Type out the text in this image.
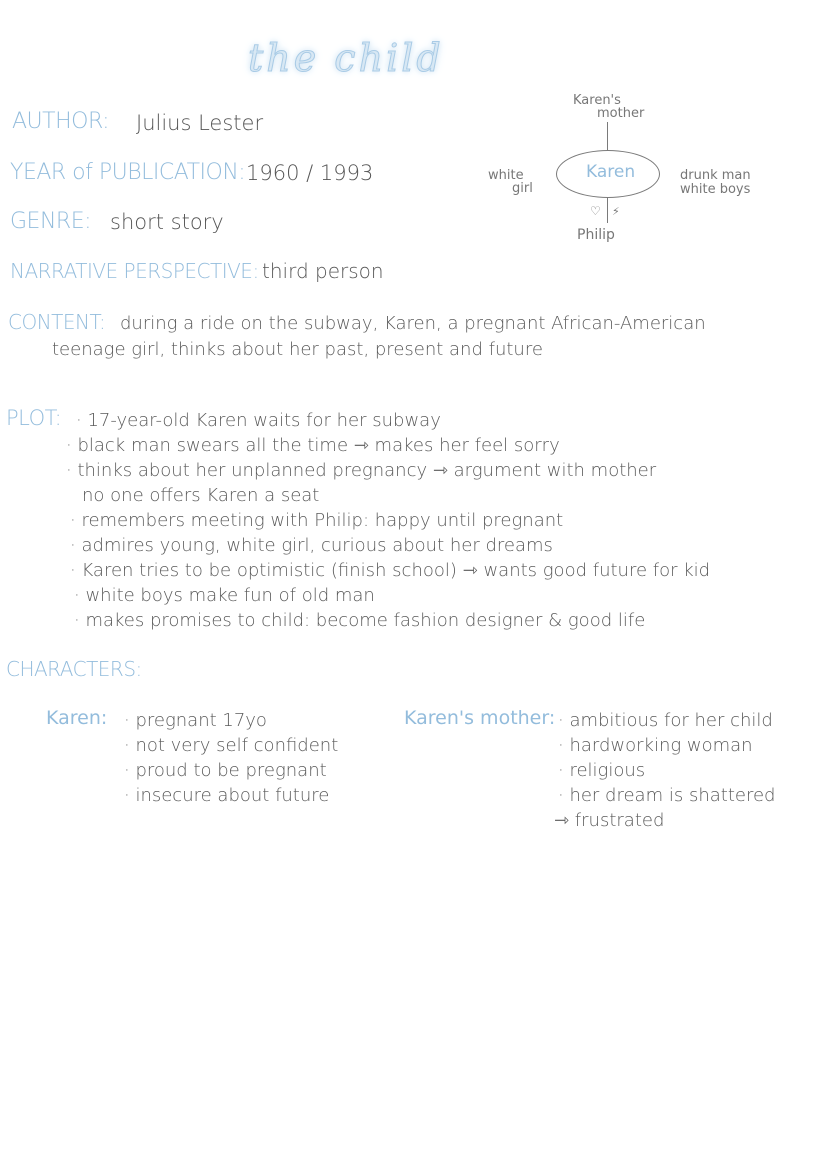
the child
AUTHOR: Julius Lester
YEAR of PUBLICATION: 1960 / 1993
GENRE: short story
NARRATIVE PERSPECTIVE: third person
Karen's
mother
white
girl
Karen	drunk man
white boys
♡ ⚡
Philip
CONTENT: during a ride on the subway, Karen, a pregnant African-American
teenage girl, thinks about her past, present and future
PLOT: · 17-year-old Karen waits for her subway
· black man swears all the time ⇾ makes her feel sorry
· thinks about her unplanned pregnancy ⇾ argument with mother
no one offers Karen a seat
· remembers meeting with Philip: happy until pregnant
· admires young, white girl, curious about her dreams
· Karen tries to be optimistic (finish school) ⇾ wants good future for kid
· white boys make fun of old man
· makes promises to child: become fashion designer & good life
CHARACTERS:
Karen: · pregnant 17yo
· not very self confident
· proud to be pregnant
· insecure about future
Karen's mother: · ambitious for her child
· hardworking woman
· religious
· her dream is shattered
⇾ frustrated
